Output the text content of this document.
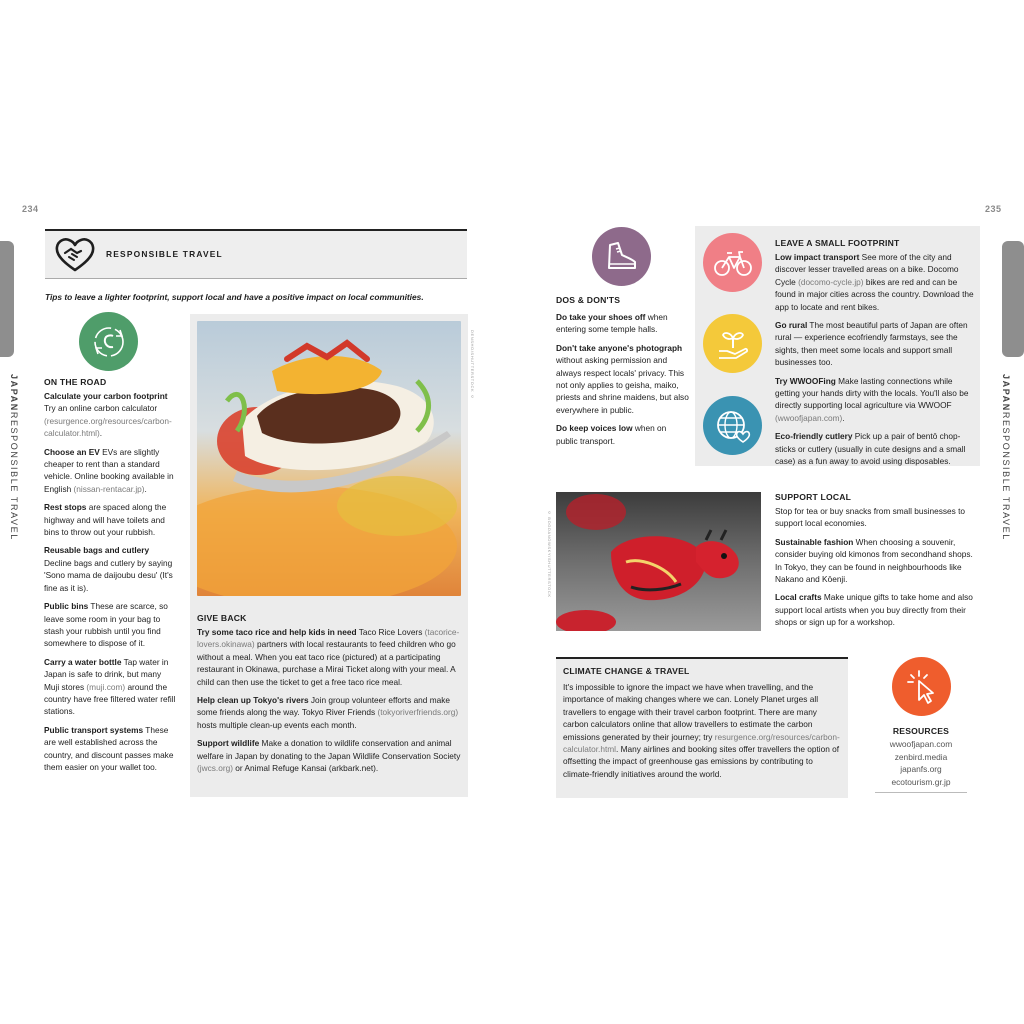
234	235
JAPANRESPONSIBLE TRAVEL
JAPANRESPONSIBLE TRAVEL
RESPONSIBLE TRAVEL
Tips to leave a lighter footprint, support local and have a positive impact on local communities.
ON THE ROAD

Calculate your carbon footprint Try an online carbon calculator (resurgence.org/resources/carbon-calculator.html).

Choose an EV EVs are slightly cheaper to rent than a standard vehicle. Online booking available in English (nissan-rentacar.jp).

Rest stops are spaced along the highway and will have toilets and bins to throw out your rubbish.

Reusable bags and cutlery Decline bags and cutlery by saying 'Sono mama de daijoubu desu' (It's fine as it is).

Public bins These are scarce, so leave some room in your bag to stash your rubbish until you find somewhere to dispose of it.

Carry a water bottle Tap water in Japan is safe to drink, but many Muji stores (muji.com) around the country have free filtered water refill stations.

Public transport systems These are well established across the country, and discount passes make them easier on your wallet too.

DENSHO/SHUTTERSTOCK ©
GIVE BACK

Try some taco rice and help kids in need Taco Rice Lovers (tacorice-lovers.okinawa) partners with local restaurants to feed children who go without a meal. When you eat taco rice (pictured) at a participating restaurant in Okinawa, purchase a Mirai Ticket along with your meal. A child can then use the ticket to get a free taco rice meal.

Help clean up Tokyo's rivers Join group volunteer efforts and make some friends along the way. Tokyo River Friends (tokyoriverfriends.org) hosts multiple clean-up events each month.

Support wildlife Make a donation to wildlife conservation and animal welfare in Japan by donating to the Japan Wildlife Conservation Society (jwcs.org) or Animal Refuge Kansai (arkbark.net).

DOS & DON'TS

Do take your shoes off when entering some temple halls.

Don't take anyone's photograph without asking permission and always respect locals' privacy. This not only applies to geisha, maiko, priests and shrine maidens, but also everywhere in public.

Do keep voices low when on public transport.

LEAVE A SMALL FOOTPRINT

Low impact transport See more of the city and discover lesser travelled areas on a bike. Docomo Cycle (docomo-cycle.jp) bikes are red and can be found in major cities across the country. Download the app to locate and rent bikes.

Go rural The most beautiful parts of Japan are often rural — experience ecofriendly farmstays, see the sights, then meet some locals and support small businesses too.

Try WWOOFing Make lasting connections while getting your hands dirty with the locals. You'll also be directly supporting local agriculture via WWOOF (wwoofjapan.com).

Eco-friendly cutlery Pick up a pair of bentō chop-sticks or cutlery (usually in cute designs and a small case) as a fun away to avoid using disposables.

© BOGDANOWSKY/SHUTTERSTOCK
SUPPORT LOCAL

Stop for tea or buy snacks from small businesses to support local economies.

Sustainable fashion When choosing a souvenir, consider buying old kimonos from secondhand shops. In Tokyo, they can be found in neighbourhoods like Nakano and Kōenji.

Local crafts Make unique gifts to take home and also support local artists when you buy directly from their shops or sign up for a workshop.

CLIMATE CHANGE & TRAVEL

It's impossible to ignore the impact we have when travelling, and the importance of making changes where we can. Lonely Planet urges all travellers to engage with their travel carbon footprint. There are many carbon calculators online that allow travellers to estimate the carbon emissions generated by their journey; try resurgence.org/resources/carbon-calculator.html. Many airlines and booking sites offer travellers the option of offsetting the impact of greenhouse gas emissions by contributing to climate-friendly initiatives around the world.

RESOURCES
wwoofjapan.com
zenbird.media
japanfs.org
ecotourism.gr.jp
